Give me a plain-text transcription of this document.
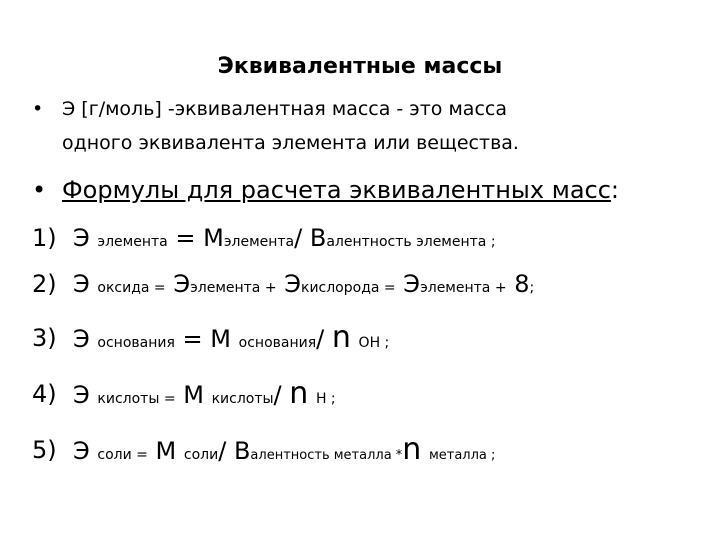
Эквивалентные массы
• Э [г/моль] -эквивалентная масса - это масса
одного эквивалента элемента или вещества.
• Формулы для расчета эквивалентных масс:
1) Э элемента = Мэлемента/ Валентность элемента ;
2) Э оксида = Ээлемента + Экислорода = Ээлемента + 8;
3) Э основания = М основания/ n OH ;
4) Э кислоты = М кислоты/ n H ;
5) Э соли = М соли/ Валентность металла *n металла ;
